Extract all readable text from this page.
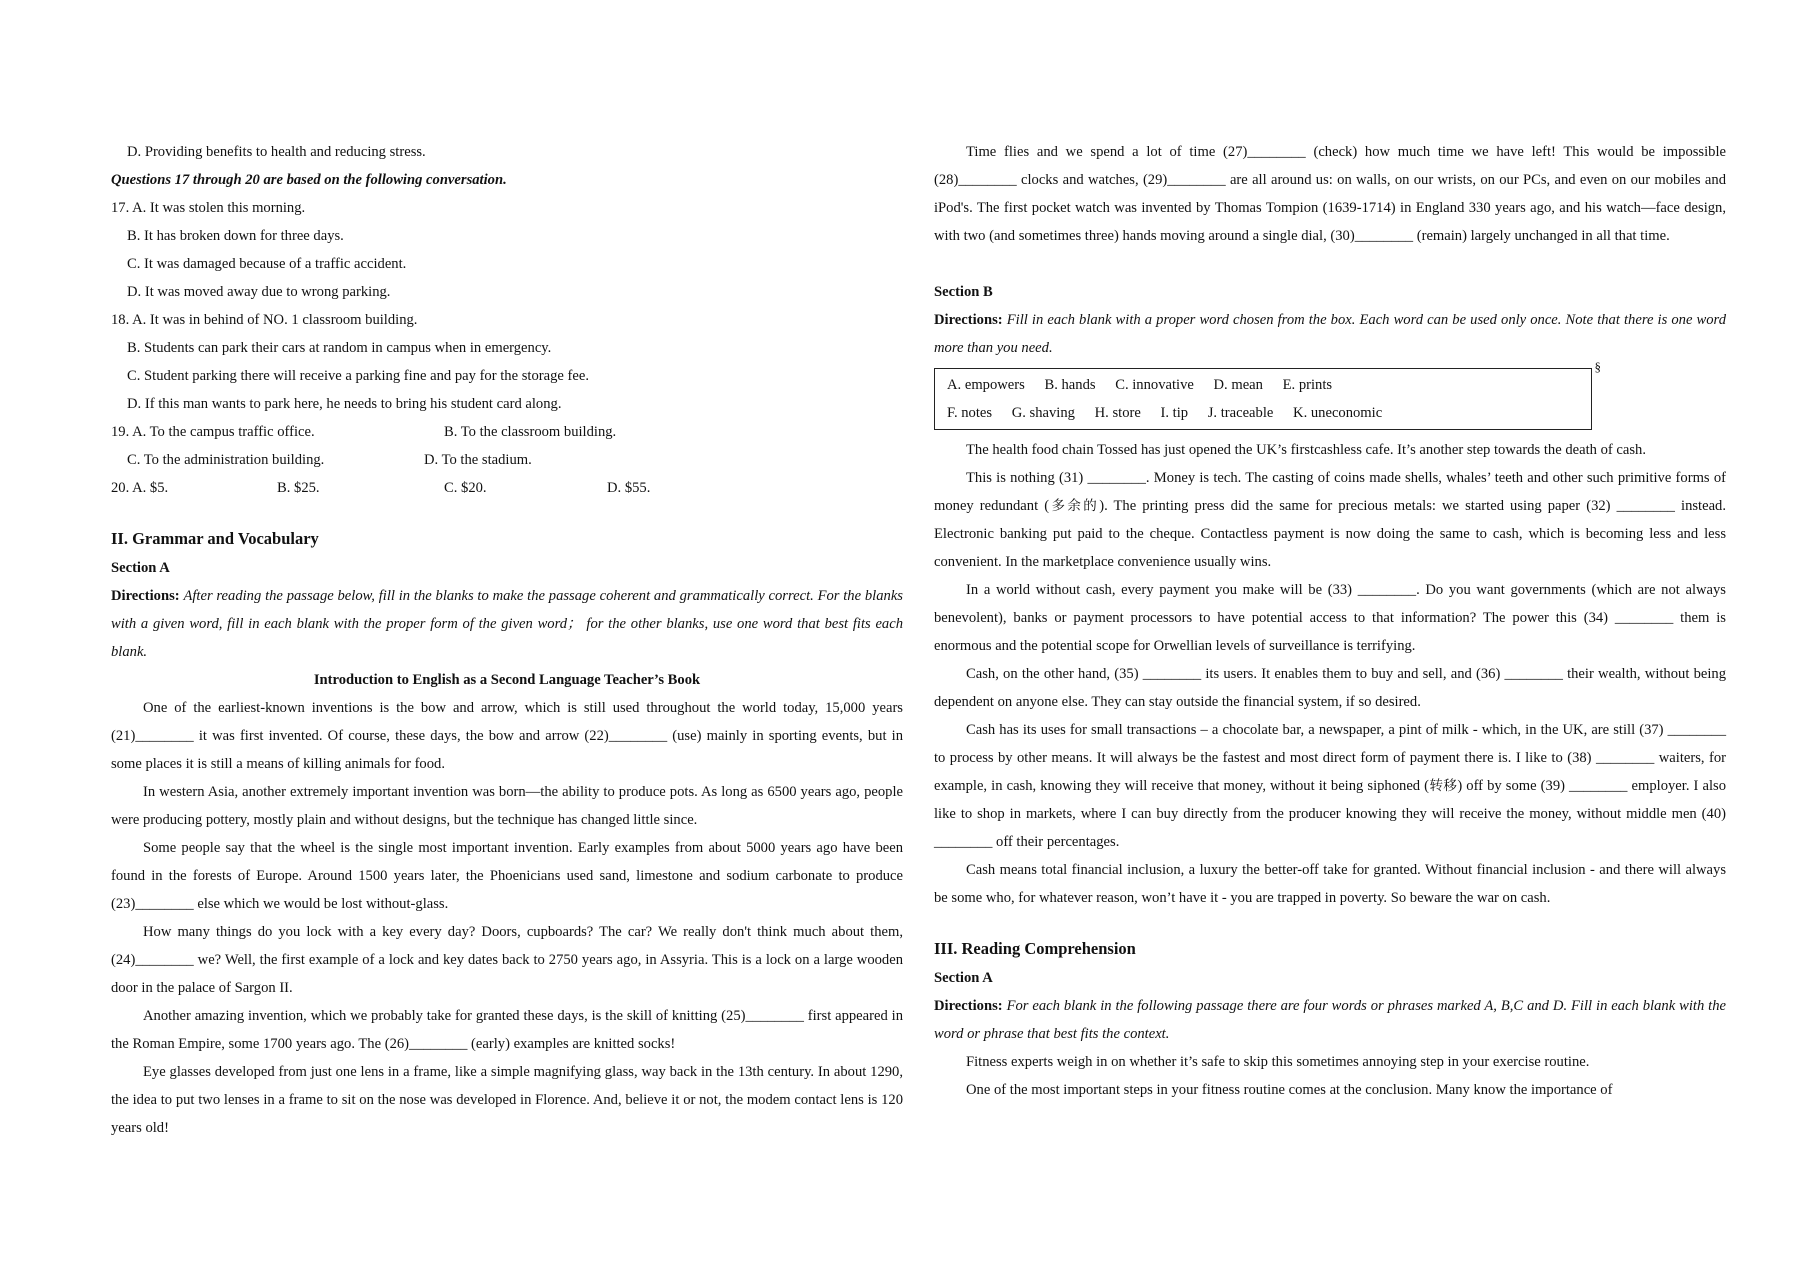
D. Providing benefits to health and reducing stress.

Questions 17 through 20 are based on the following conversation.

17. A. It was stolen this morning.

B. It has broken down for three days.

C. It was damaged because of a traffic accident.

D. It was moved away due to wrong parking.

18. A. It was in behind of NO. 1 classroom building.

B. Students can park their cars at random in campus when in emergency.

C. Student parking there will receive a parking fine and pay for the storage fee.

D. If this man wants to park here, he needs to bring his student card along.

19. A. To the campus traffic office.	B. To the classroom building.
C. To the administration building.	D. To the stadium.
20. A. $5.	B. $25.	C. $20.	D. $55.

II. Grammar and Vocabulary

Section A

Directions: After reading the passage below, fill in the blanks to make the passage coherent and grammatically correct. For the blanks with a given word, fill in each blank with the proper form of the given word； for the other blanks, use one word that best fits each blank.

Introduction to English as a Second Language Teacher’s Book

One of the earliest-known inventions is the bow and arrow, which is still used throughout the world today, 15,000 years (21)________ it was first invented. Of course, these days, the bow and arrow (22)________ (use) mainly in sporting events, but in some places it is still a means of killing animals for food.

In western Asia, another extremely important invention was born—the ability to produce pots. As long as 6500 years ago, people were producing pottery, mostly plain and without designs, but the technique has changed little since.

Some people say that the wheel is the single most important invention. Early examples from about 5000 years ago have been found in the forests of Europe. Around 1500 years later, the Phoenicians used sand, limestone and sodium carbonate to produce (23)________ else which we would be lost without-glass.

How many things do you lock with a key every day? Doors, cupboards? The car? We really don't think much about them, (24)________ we? Well, the first example of a lock and key dates back to 2750 years ago, in Assyria. This is a lock on a large wooden door in the palace of Sargon II.

Another amazing invention, which we probably take for granted these days, is the skill of knitting (25)________ first appeared in the Roman Empire, some 1700 years ago. The (26)________ (early) examples are knitted socks!

Eye glasses developed from just one lens in a frame, like a simple magnifying glass, way back in the 13th century. In about 1290, the idea to put two lenses in a frame to sit on the nose was developed in Florence. And, believe it or not, the modem contact lens is 120 years old!

Time flies and we spend a lot of time (27)________ (check) how much time we have left! This would be impossible (28)________ clocks and watches, (29)________ are all around us: on walls, on our wrists, on our PCs, and even on our mobiles and iPod's. The first pocket watch was invented by Thomas Tompion (1639-1714) in England 330 years ago, and his watch—face design, with two (and sometimes three) hands moving around a single dial, (30)________ (remain) largely unchanged in all that time.

Section B

Directions: Fill in each blank with a proper word chosen from the box. Each word can be used only once. Note that there is one word more than you need.

§
A. empowers B. hands C. innovative D. mean E. prints
F. notes G. shaving H. store I. tip J. traceable K. uneconomic

The health food chain Tossed has just opened the UK’s firstcashless cafe. It’s another step towards the death of cash.

This is nothing (31) ________. Money is tech. The casting of coins made shells, whales’ teeth and other such primitive forms of money redundant (多余的). The printing press did the same for precious metals: we started using paper (32) ________ instead. Electronic banking put paid to the cheque. Contactless payment is now doing the same to cash, which is becoming less and less convenient. In the marketplace convenience usually wins.

In a world without cash, every payment you make will be (33) ________. Do you want governments (which are not always benevolent), banks or payment processors to have potential access to that information? The power this (34) ________ them is enormous and the potential scope for Orwellian levels of surveillance is terrifying.

Cash, on the other hand, (35) ________ its users. It enables them to buy and sell, and (36) ________ their wealth, without being dependent on anyone else. They can stay outside the financial system, if so desired.

Cash has its uses for small transactions – a chocolate bar, a newspaper, a pint of milk - which, in the UK, are still (37) ________ to process by other means. It will always be the fastest and most direct form of payment there is. I like to (38) ________ waiters, for example, in cash, knowing they will receive that money, without it being siphoned (转移) off by some (39) ________ employer. I also like to shop in markets, where I can buy directly from the producer knowing they will receive the money, without middle men (40) ________ off their percentages.

Cash means total financial inclusion, a luxury the better-off take for granted. Without financial inclusion - and there will always be some who, for whatever reason, won’t have it - you are trapped in poverty. So beware the war on cash.

III. Reading Comprehension

Section A

Directions: For each blank in the following passage there are four words or phrases marked A, B,C and D. Fill in each blank with the word or phrase that best fits the context.

Fitness experts weigh in on whether it’s safe to skip this sometimes annoying step in your exercise routine.

One of the most important steps in your fitness routine comes at the conclusion. Many know the importance of
